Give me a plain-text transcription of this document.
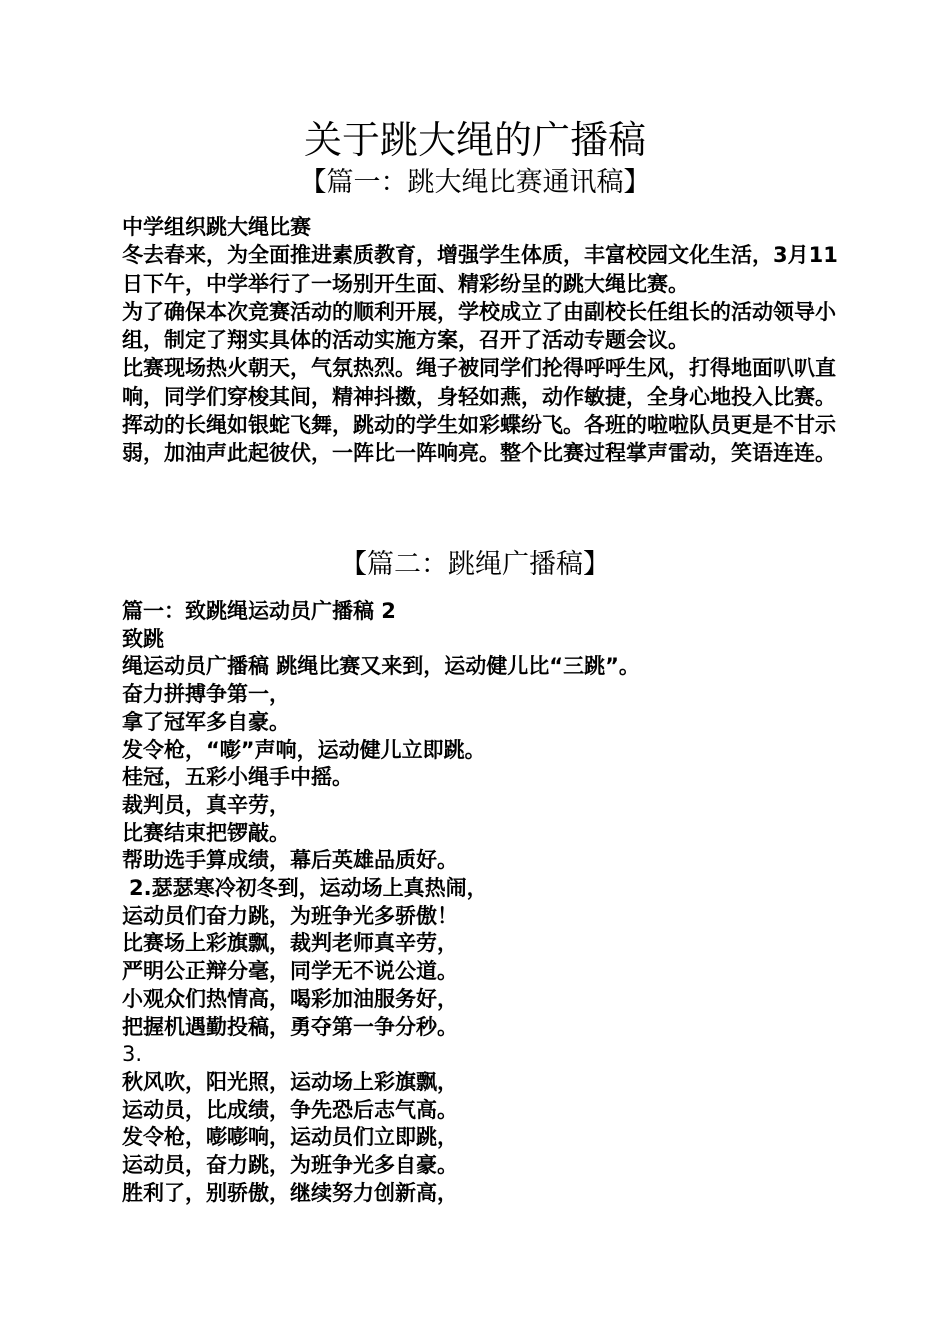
关于跳大绳的广播稿
【篇一：跳大绳比赛通讯稿】

中学组织跳大绳比赛

冬去春来，为全面推进素质教育，增强学生体质，丰富校园文化生活，3月11日下午，中学举行了一场别开生面、精彩纷呈的跳大绳比赛。

为了确保本次竞赛活动的顺利开展，学校成立了由副校长任组长的活动领导小组，制定了翔实具体的活动实施方案，召开了活动专题会议。

比赛现场热火朝天，气氛热烈。绳子被同学们抡得呼呼生风，打得地面叭叭直响，同学们穿梭其间，精神抖擞，身轻如燕，动作敏捷，全身心地投入比赛。 挥动的长绳如银蛇飞舞，跳动的学生如彩蝶纷飞。各班的啦啦队员更是不甘示弱，加油声此起彼伏，一阵比一阵响亮。整个比赛过程掌声雷动，笑语连连。

【篇二：跳绳广播稿】

篇一：致跳绳运动员广播稿 2

致跳

绳运动员广播稿 跳绳比赛又来到，运动健儿比“三跳”。

奋力拼搏争第一，

拿了冠军多自豪。

发令枪，“嘭”声响，运动健儿立即跳。

桂冠，五彩小绳手中摇。

裁判员，真辛劳，

比赛结束把锣敲。

帮助选手算成绩，幕后英雄品质好。

2.瑟瑟寒冷初冬到，运动场上真热闹，

运动员们奋力跳，为班争光多骄傲！

比赛场上彩旗飘，裁判老师真辛劳，

严明公正辩分毫，同学无不说公道。

小观众们热情高，喝彩加油服务好，

把握机遇勤投稿，勇夺第一争分秒。

3.

秋风吹，阳光照，运动场上彩旗飘，

运动员，比成绩，争先恐后志气高。

发令枪，嘭嘭响，运动员们立即跳，

运动员，奋力跳，为班争光多自豪。

胜利了，别骄傲，继续努力创新高，
